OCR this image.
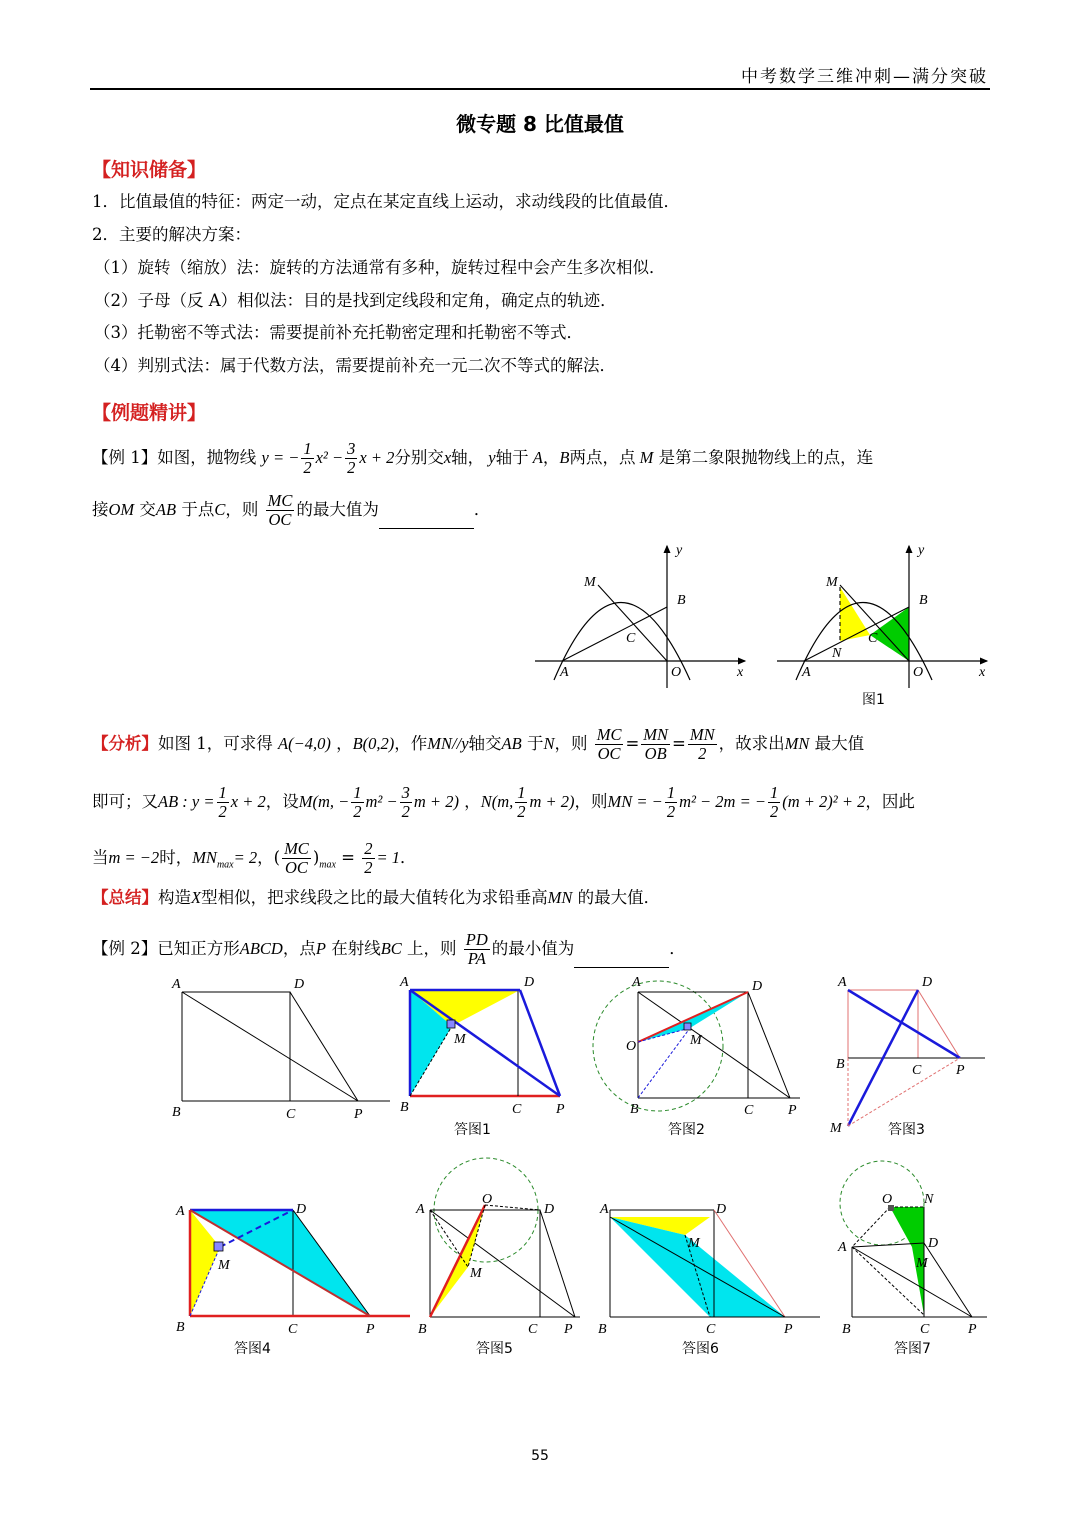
中考数学三维冲刺—满分突破
微专题 8 比值最值
【知识储备】
1．比值最值的特征：两定一动，定点在某定直线上运动，求动线段的比值最值．
2．主要的解决方案：
（1）旋转（缩放）法：旋转的方法通常有多种，旋转过程中会产生多次相似．
（2）子母（反 A）相似法：目的是找到定线段和定角，确定点的轨迹．
（3）托勒密不等式法：需要提前补充托勒密定理和托勒密不等式．
（4）判别式法：属于代数方法，需要提前补充一元二次不等式的解法．
【例题精讲】
【例 1】如图，抛物线 y = − $\frac{1}{2} x^2 - \frac{3}{2}$ x + 2分别交x轴， y轴于 A，B两点，点 M 是第二象限抛物线上的点，连
接OM 交AB 于点C，则 $\frac{MC}{OC}$ 的最大值为	．
M
B
C
A	O	x
y
M
B
C
N
A	O	x
y
图1
【分析】如图 1，可求得 A(−4,0) ，B(0,2)，作MN//y轴交AB 于N，则 $\frac{MC}{OC} = \frac{MN}{OB} = \frac{MN}{2}$ ，故求出MN 最大值
即可；又AB : $y = \frac{1}{2}$ x + 2，设M(m, − $\frac{1}{2} m^2 - \frac{3}{2}$ m + 2) ，N(m, $\frac{1}{2}$ m + 2)，则MN = − $\frac{1}{2} m^2 - 2m$ = − $\frac{1}{2} (m + 2)^2 + 2$，因此
当m = −2时，$MN_{max}= 2$，( $\frac{MC}{OC} )_{max} = \frac{2}{2} = 1$．
【总结】构造X型相似，把求线段之比的最大值转化为求铅垂高MN 的最大值．
【例 2】已知正方形ABCD，点P 在射线BC 上，则 $\frac{PD}{PA}$ 的最小值为	．
A	D
B	C	P
A	D
M
B	C P
答图1
A	D
O	M
B	C P
答图2
A	D
B	C P
M	答图3
A	D
M
B	C	P
答图4
A	D
O
M
B	C P
答图5
A	D
M
B	C	P
答图6
O N
A	D
M
B	C	P
答图7
55
